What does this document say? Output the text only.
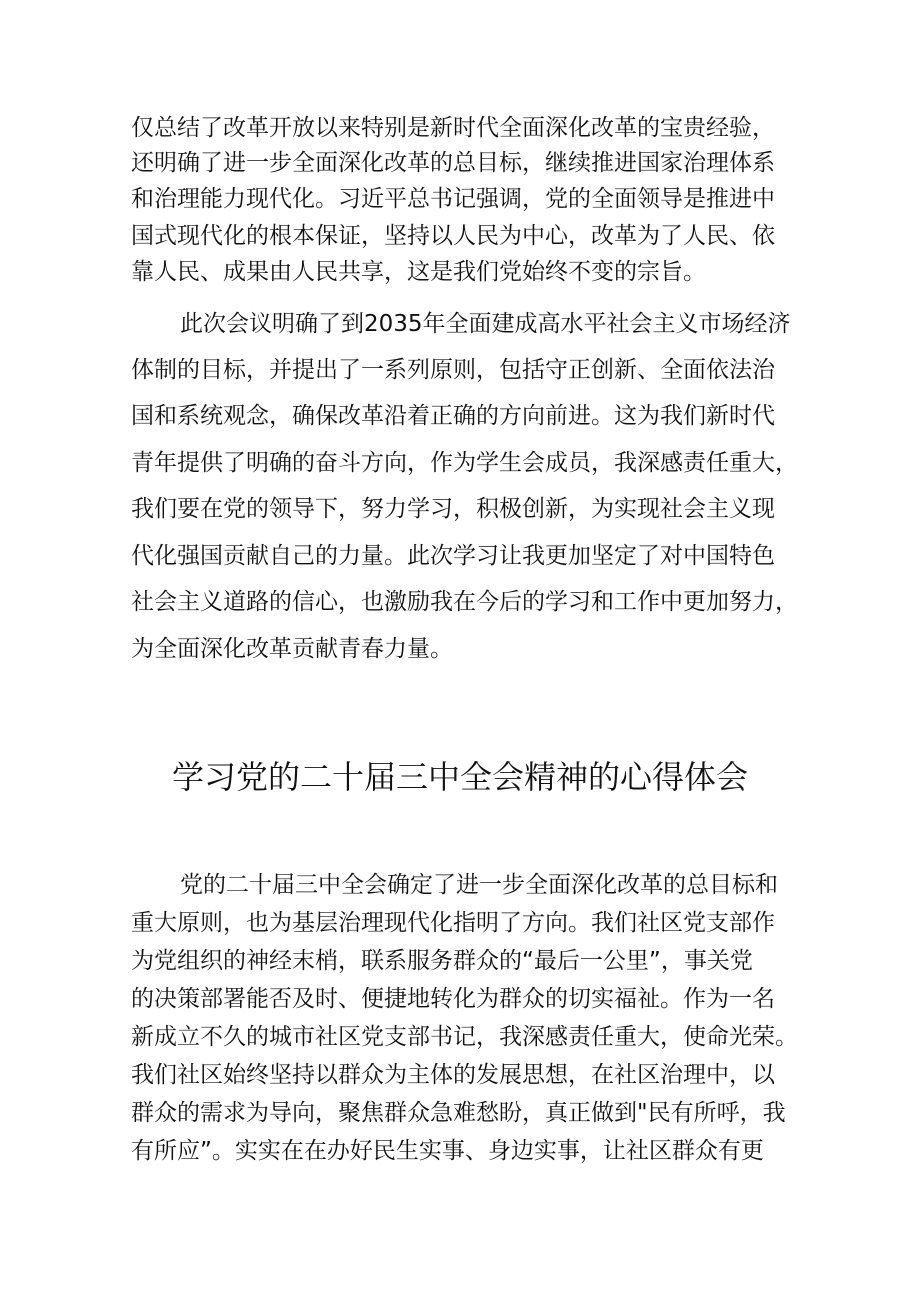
仅总结了改革开放以来特别是新时代全面深化改革的宝贵经验，
还明确了进一步全面深化改革的总目标，继续推进国家治理体系
和治理能力现代化。习近平总书记强调，党的全面领导是推进中
国式现代化的根本保证，坚持以人民为中心，改革为了人民、依
靠人民、成果由人民共享，这是我们党始终不变的宗旨。
此次会议明确了到2035年全面建成高水平社会主义市场经济
体制的目标，并提出了一系列原则，包括守正创新、全面依法治
国和系统观念，确保改革沿着正确的方向前进。这为我们新时代
青年提供了明确的奋斗方向，作为学生会成员，我深感责任重大，
我们要在党的领导下，努力学习，积极创新，为实现社会主义现
代化强国贡献自己的力量。此次学习让我更加坚定了对中国特色
社会主义道路的信心，也激励我在今后的学习和工作中更加努力，
为全面深化改革贡献青春力量。
学习党的二十届三中全会精神的心得体会
党的二十届三中全会确定了进一步全面深化改革的总目标和
重大原则，也为基层治理现代化指明了方向。我们社区党支部作
为党组织的神经末梢，联系服务群众的“最后一公里”，事关党
的决策部署能否及时、便捷地转化为群众的切实福祉。作为一名
新成立不久的城市社区党支部书记，我深感责任重大，使命光荣。
我们社区始终坚持以群众为主体的发展思想，在社区治理中，以
群众的需求为导向，聚焦群众急难愁盼，真正做到"民有所呼，我
有所应”。实实在在办好民生实事、身边实事，让社区群众有更
